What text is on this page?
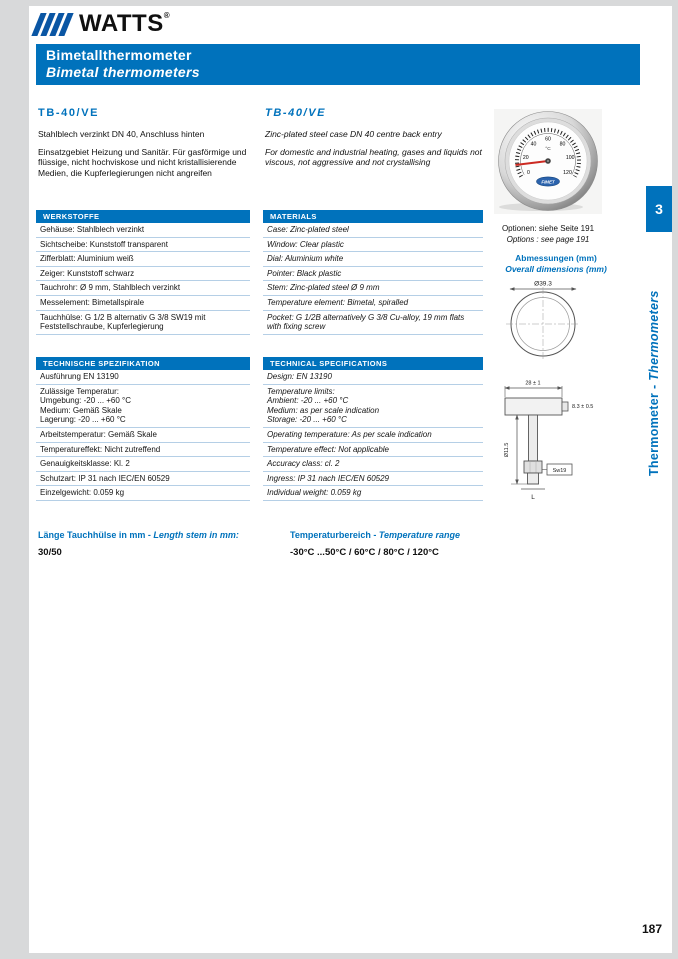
WATTS®
Bimetallthermometer
Bimetal thermometers
TB-40/VE
Stahlblech verzinkt DN 40, Anschluss hinten
Einsatzgebiet Heizung und Sanitär. Für gasförmige und flüssige, nicht hochviskose und nicht kristallisierende Medien, die Kupferlegierungen nicht angreifen
TB-40/VE
Zinc-plated steel case DN 40 centre back entry
For domestic and industrial heating, gases and liquids not viscous, not aggressive and not crystallising
0
20
40
60
80
100
120
°C
FIMET
Optionen: siehe Seite 191
Options : see page 191
Abmessungen (mm)
Overall dimensions (mm)
Ø39.3
28 ± 1
8.3 ± 0.5
Sw19
Ø11.5
L
WERKSTOFFE
Gehäuse: Stahlblech verzinkt
Sichtscheibe: Kunststoff transparent
Zifferblatt: Aluminium weiß
Zeiger: Kunststoff schwarz
Tauchrohr: Ø 9 mm, Stahlblech verzinkt
Messelement: Bimetallspirale
Tauchhülse: G 1/2 B alternativ G 3/8 SW19 mit
Feststellschraube, Kupferlegierung
MATERIALS
Case: Zinc-plated steel
Window: Clear plastic
Dial: Aluminium white
Pointer: Black plastic
Stem: Zinc-plated steel Ø 9 mm
Temperature element: Bimetal, spiralled
Pocket: G 1/2B alternatively G 3/8 Cu-alloy, 19 mm flats
with fixing screw
TECHNISCHE SPEZIFIKATION
Ausführung EN 13190
Zulässige Temperatur:
Umgebung: -20 ... +60 °C
Medium: Gemäß Skale
Lagerung: -20 ... +60 °C
Arbeitstemperatur: Gemäß Skale
Temperatureffekt: Nicht zutreffend
Genauigkeitsklasse: Kl. 2
Schutzart: IP 31 nach IEC/EN 60529
Einzelgewicht: 0.059 kg
TECHNICAL SPECIFICATIONS
Design: EN 13190
Temperature limits:
Ambient: -20 ... +60 °C
Medium: as per scale indication
Storage: -20 ... +60 °C
Operating temperature: As per scale indication
Temperature effect: Not applicable
Accuracy class: cl. 2
Ingress: IP 31 nach IEC/EN 60529
Individual weight: 0.059 kg
Länge Tauchhülse in mm - Length stem in mm:
30/50
Temperaturbereich - Temperature range
-30°C ...50°C / 60°C / 80°C / 120°C
3
Thermometer - Thermometers
187
